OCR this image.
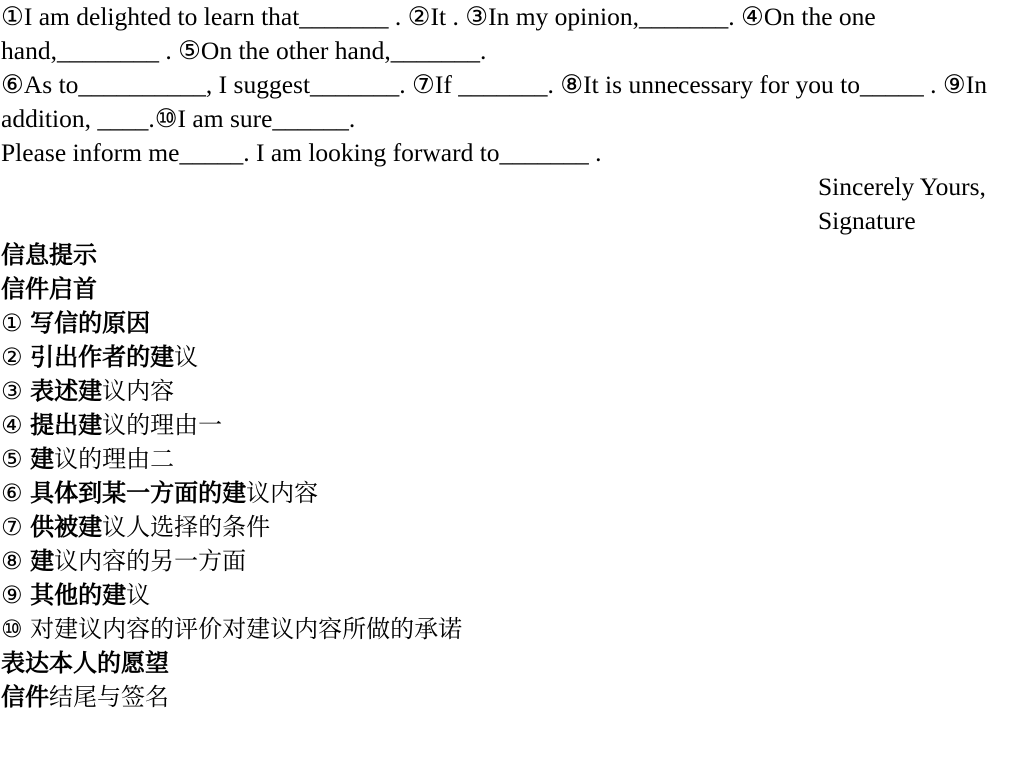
①I am delighted to learn that_______ . ②It . ③In my opinion,_______. ④On the one hand,________ . ⑤On the other hand,_______.

⑥As to__________, I suggest_______. ⑦If _______. ⑧It is unnecessary for you to_____ . ⑨In addition, ____.⑩I am sure______.

Please inform me_____. I am looking forward to_______ .

Sincerely Yours,
Signature

信息提示

信件启首

① 写信的原因

② 引出作者的建议

③ 表述建议内容

④ 提出建议的理由一

⑤ 建议的理由二

⑥ 具体到某一方面的建议内容

⑦ 供被建议人选择的条件

⑧ 建议内容的另一方面

⑨ 其他的建议

⑩ 对建议内容的评价对建议内容所做的承诺

表达本人的愿望

信件结尾与签名
